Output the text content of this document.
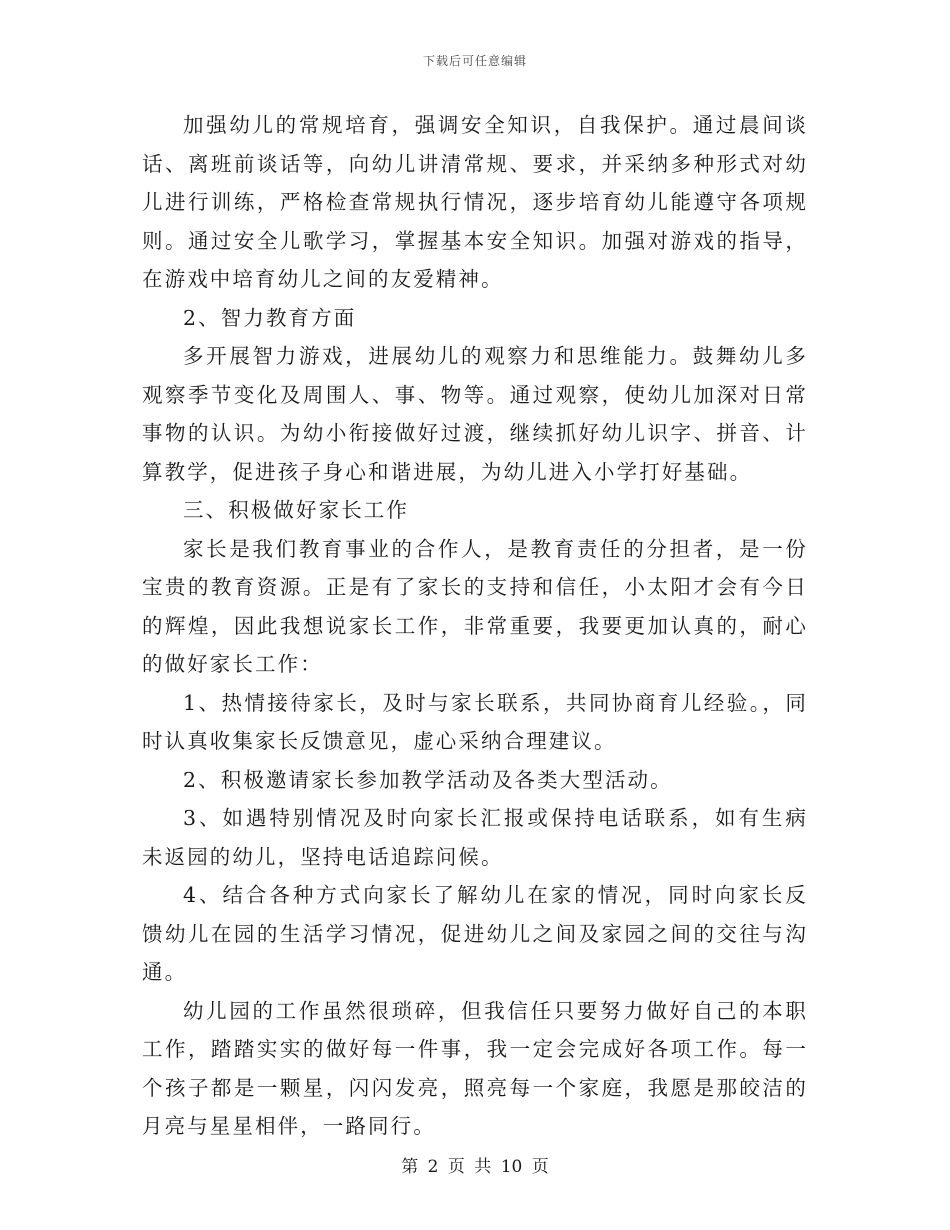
下载后可任意编辑

加强幼儿的常规培育，强调安全知识，自我保护。通过晨间谈话、离班前谈话等，向幼儿讲清常规、要求，并采纳多种形式对幼儿进行训练，严格检查常规执行情况，逐步培育幼儿能遵守各项规则。通过安全儿歌学习，掌握基本安全知识。加强对游戏的指导，在游戏中培育幼儿之间的友爱精神。

2、智力教育方面

多开展智力游戏，进展幼儿的观察力和思维能力。鼓舞幼儿多观察季节变化及周围人、事、物等。通过观察，使幼儿加深对日常事物的认识。为幼小衔接做好过渡，继续抓好幼儿识字、拼音、计算教学，促进孩子身心和谐进展，为幼儿进入小学打好基础。

三、积极做好家长工作

家长是我们教育事业的合作人，是教育责任的分担者，是一份宝贵的教育资源。正是有了家长的支持和信任，小太阳才会有今日的辉煌，因此我想说家长工作，非常重要，我要更加认真的，耐心的做好家长工作：

1、热情接待家长，及时与家长联系，共同协商育儿经验。，同时认真收集家长反馈意见，虚心采纳合理建议。

2、积极邀请家长参加教学活动及各类大型活动。

3、如遇特别情况及时向家长汇报或保持电话联系，如有生病未返园的幼儿，坚持电话追踪问候。

4、结合各种方式向家长了解幼儿在家的情况，同时向家长反馈幼儿在园的生活学习情况，促进幼儿之间及家园之间的交往与沟通。

幼儿园的工作虽然很琐碎，但我信任只要努力做好自己的本职工作，踏踏实实的做好每一件事，我一定会完成好各项工作。每一个孩子都是一颗星，闪闪发亮，照亮每一个家庭，我愿是那皎洁的月亮与星星相伴，一路同行。

第 2 页 共 10 页
